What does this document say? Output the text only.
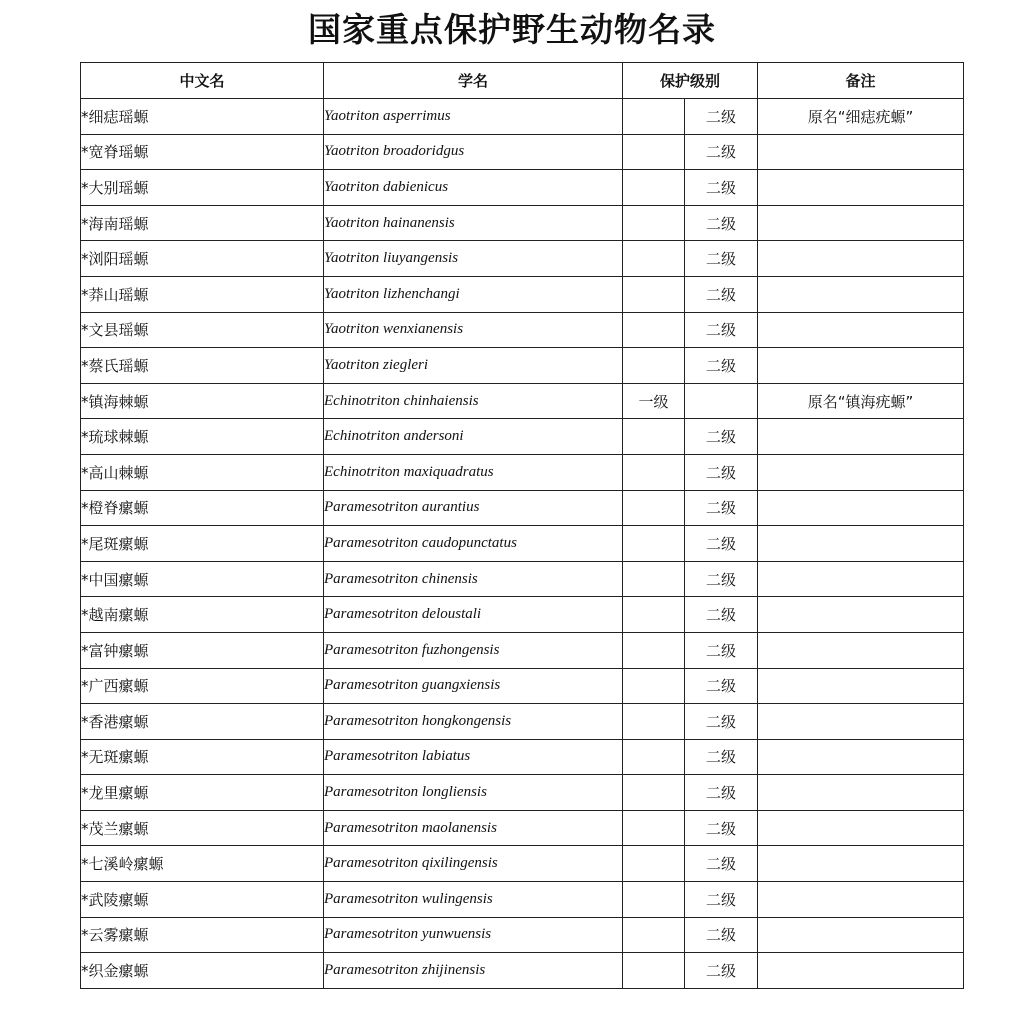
国家重点保护野生动物名录
中文名	学名	保护级别		备注
*细痣瑶螈	Yaotriton asperrimus		二级	原名“细痣疣螈”
*宽脊瑶螈	Yaotriton broadoridgus		二级	
*大别瑶螈	Yaotriton dabienicus		二级	
*海南瑶螈	Yaotriton hainanensis		二级	
*浏阳瑶螈	Yaotriton liuyangensis		二级	
*莽山瑶螈	Yaotriton lizhenchangi		二级	
*文县瑶螈	Yaotriton wenxianensis		二级	
*蔡氏瑶螈	Yaotriton ziegleri		二级	
*镇海棘螈	Echinotriton chinhaiensis	一级		原名“镇海疣螈”
*琉球棘螈	Echinotriton andersoni		二级	
*高山棘螈	Echinotriton maxiquadratus		二级	
*橙脊瘰螈	Paramesotriton aurantius		二级	
*尾斑瘰螈	Paramesotriton caudopunctatus		二级	
*中国瘰螈	Paramesotriton chinensis		二级	
*越南瘰螈	Paramesotriton deloustali		二级	
*富钟瘰螈	Paramesotriton fuzhongensis		二级	
*广西瘰螈	Paramesotriton guangxiensis		二级	
*香港瘰螈	Paramesotriton hongkongensis		二级	
*无斑瘰螈	Paramesotriton labiatus		二级	
*龙里瘰螈	Paramesotriton longliensis		二级	
*茂兰瘰螈	Paramesotriton maolanensis		二级	
*七溪岭瘰螈	Paramesotriton qixilingensis		二级	
*武陵瘰螈	Paramesotriton wulingensis		二级	
*云雾瘰螈	Paramesotriton yunwuensis		二级	
*织金瘰螈	Paramesotriton zhijinensis		二级	
